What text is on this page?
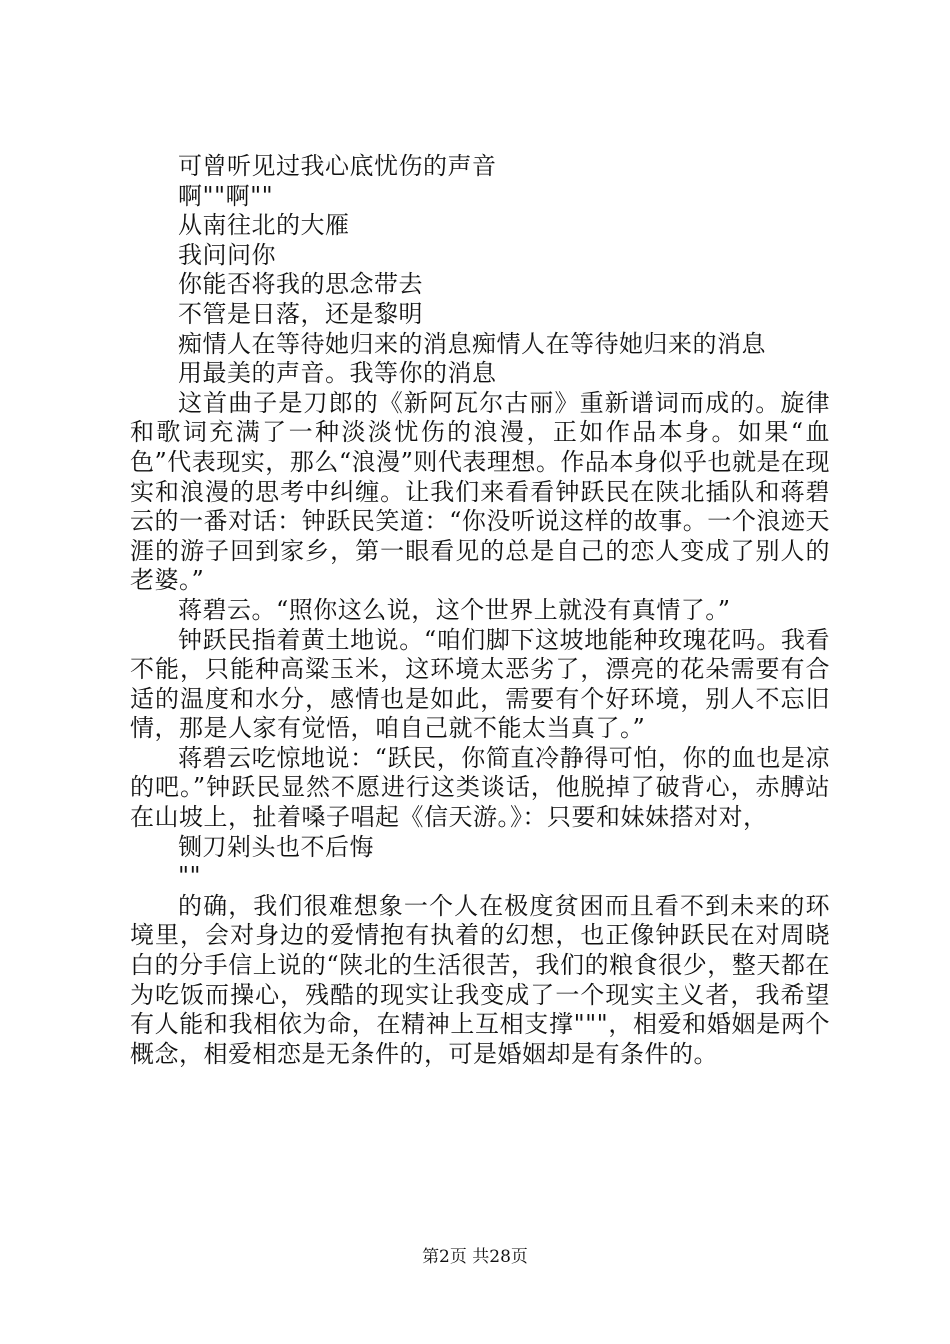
可曾听见过我心底忧伤的声音
啊""啊""
从南往北的大雁
我问问你
你能否将我的思念带去
不管是日落，还是黎明
痴情人在等待她归来的消息痴情人在等待她归来的消息
用最美的声音。我等你的消息

这首曲子是刀郎的《新阿瓦尔古丽》重新谱词而成的。旋律和歌词充满了一种淡淡忧伤的浪漫，正如作品本身。如果“血色”代表现实，那么“浪漫”则代表理想。作品本身似乎也就是在现实和浪漫的思考中纠缠。让我们来看看钟跃民在陕北插队和蒋碧云的一番对话：钟跃民笑道：“你没听说这样的故事。一个浪迹天涯的游子回到家乡，第一眼看见的总是自己的恋人变成了别人的老婆。”

蒋碧云。“照你这么说，这个世界上就没有真情了。”

钟跃民指着黄土地说。“咱们脚下这坡地能种玫瑰花吗。我看不能，只能种高粱玉米，这环境太恶劣了，漂亮的花朵需要有合适的温度和水分，感情也是如此，需要有个好环境，别人不忘旧情，那是人家有觉悟，咱自己就不能太当真了。”

蒋碧云吃惊地说：“跃民，你简直冷静得可怕，你的血也是凉的吧。”钟跃民显然不愿进行这类谈话，他脱掉了破背心，赤膊站在山坡上，扯着嗓子唱起《信天游。》：只要和妹妹搭对对，

铡刀剁头也不后悔
""

的确，我们很难想象一个人在极度贫困而且看不到未来的环境里，会对身边的爱情抱有执着的幻想，也正像钟跃民在对周晓白的分手信上说的“陕北的生活很苦，我们的粮食很少，整天都在为吃饭而操心，残酷的现实让我变成了一个现实主义者，我希望有人能和我相依为命，在精神上互相支撑"""，相爱和婚姻是两个概念，相爱相恋是无条件的，可是婚姻却是有条件的。

第2页 共28页
